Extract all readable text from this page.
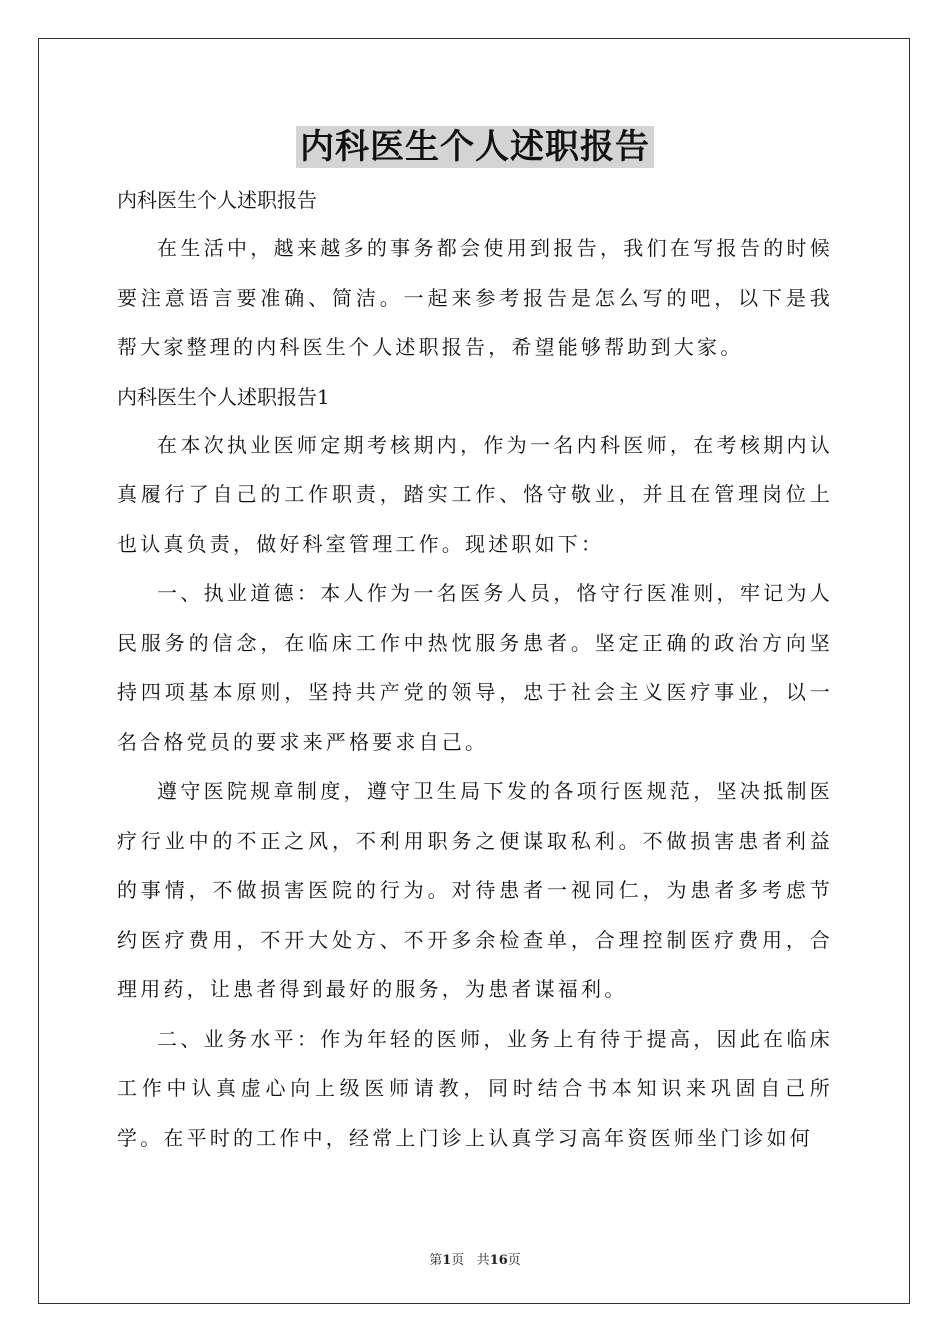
内科医生个人述职报告

内科医生个人述职报告

在生活中，越来越多的事务都会使用到报告，我们在写报告的时候要注意语言要准确、简洁。一起来参考报告是怎么写的吧，以下是我帮大家整理的内科医生个人述职报告，希望能够帮助到大家。

内科医生个人述职报告1

在本次执业医师定期考核期内，作为一名内科医师，在考核期内认真履行了自己的工作职责，踏实工作、恪守敬业，并且在管理岗位上也认真负责，做好科室管理工作。现述职如下：

一、执业道德：本人作为一名医务人员，恪守行医准则，牢记为人民服务的信念，在临床工作中热忱服务患者。坚定正确的政治方向坚持四项基本原则，坚持共产党的领导，忠于社会主义医疗事业，以一名合格党员的要求来严格要求自己。

遵守医院规章制度，遵守卫生局下发的各项行医规范，坚决抵制医疗行业中的不正之风，不利用职务之便谋取私利。不做损害患者利益的事情，不做损害医院的行为。对待患者一视同仁，为患者多考虑节约医疗费用，不开大处方、不开多余检查单，合理控制医疗费用，合理用药，让患者得到最好的服务，为患者谋福利。

二、业务水平：作为年轻的医师，业务上有待于提高，因此在临床工作中认真虚心向上级医师请教，同时结合书本知识来巩固自己所学。在平时的工作中，经常上门诊上认真学习高年资医师坐门诊如何

第1页 共16页
